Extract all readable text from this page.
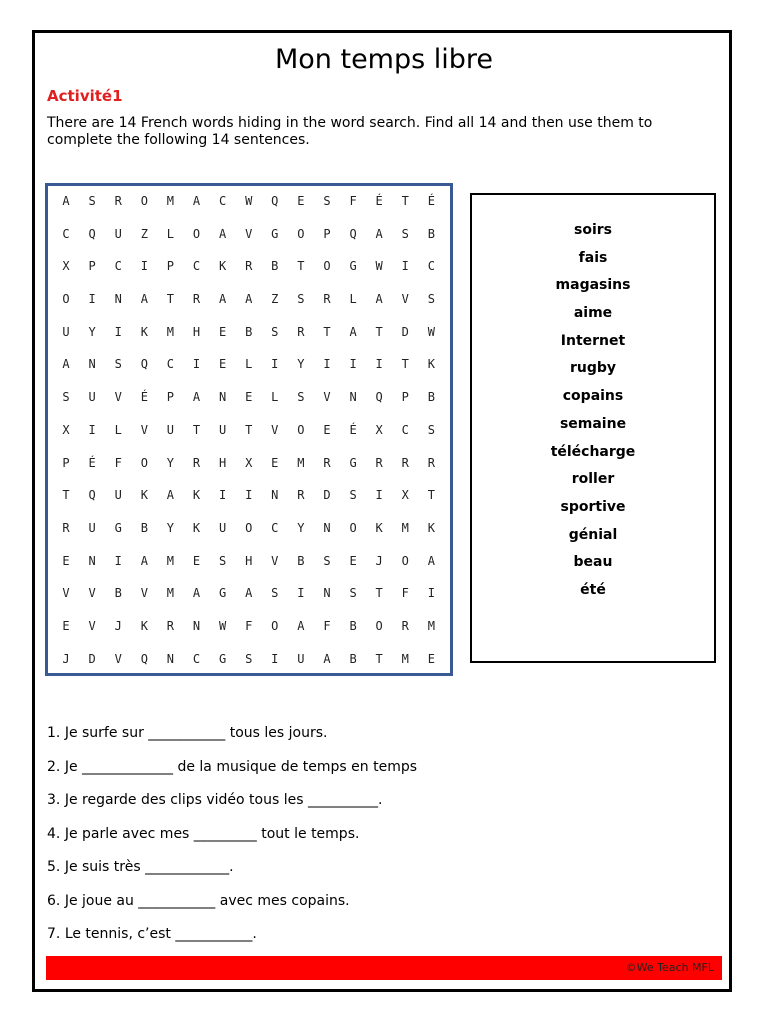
Mon temps libre
Activité1
There are 14 French words hiding in the word search. Find all 14 and then use them to complete the following 14 sentences.
A	S	R	O	M	A	C	W	Q	E	S	F	É	T	É
C	Q	U	Z	L	O	A	V	G	O	P	Q	A	S	B
X	P	C	I	P	C	K	R	B	T	O	G	W	I	C
O	I	N	A	T	R	A	A	Z	S	R	L	A	V	S
U	Y	I	K	M	H	E	B	S	R	T	A	T	D	W
A	N	S	Q	C	I	E	L	I	Y	I	I	I	T	K
S	U	V	É	P	A	N	E	L	S	V	N	Q	P	B
X	I	L	V	U	T	U	T	V	O	E	É	X	C	S
P	É	F	O	Y	R	H	X	E	M	R	G	R	R	R
T	Q	U	K	A	K	I	I	N	R	D	S	I	X	T
R	U	G	B	Y	K	U	O	C	Y	N	O	K	M	K
E	N	I	A	M	E	S	H	V	B	S	E	J	O	A
V	V	B	V	M	A	G	A	S	I	N	S	T	F	I
E	V	J	K	R	N	W	F	O	A	F	B	O	R	M
J	D	V	Q	N	C	G	S	I	U	A	B	T	M	E
soirs
fais
magasins
aime
Internet
rugby
copains
semaine
télécharge
roller
sportive
génial
beau
été
1. Je surfe sur ___________ tous les jours.
2. Je _____________ de la musique de temps en temps
3. Je regarde des clips vidéo tous les __________.
4. Je parle avec mes _________ tout le temps.
5. Je suis très ____________.
6. Je joue au ___________ avec mes copains.
7. Le tennis, c’est ___________.
©We Teach MFL
